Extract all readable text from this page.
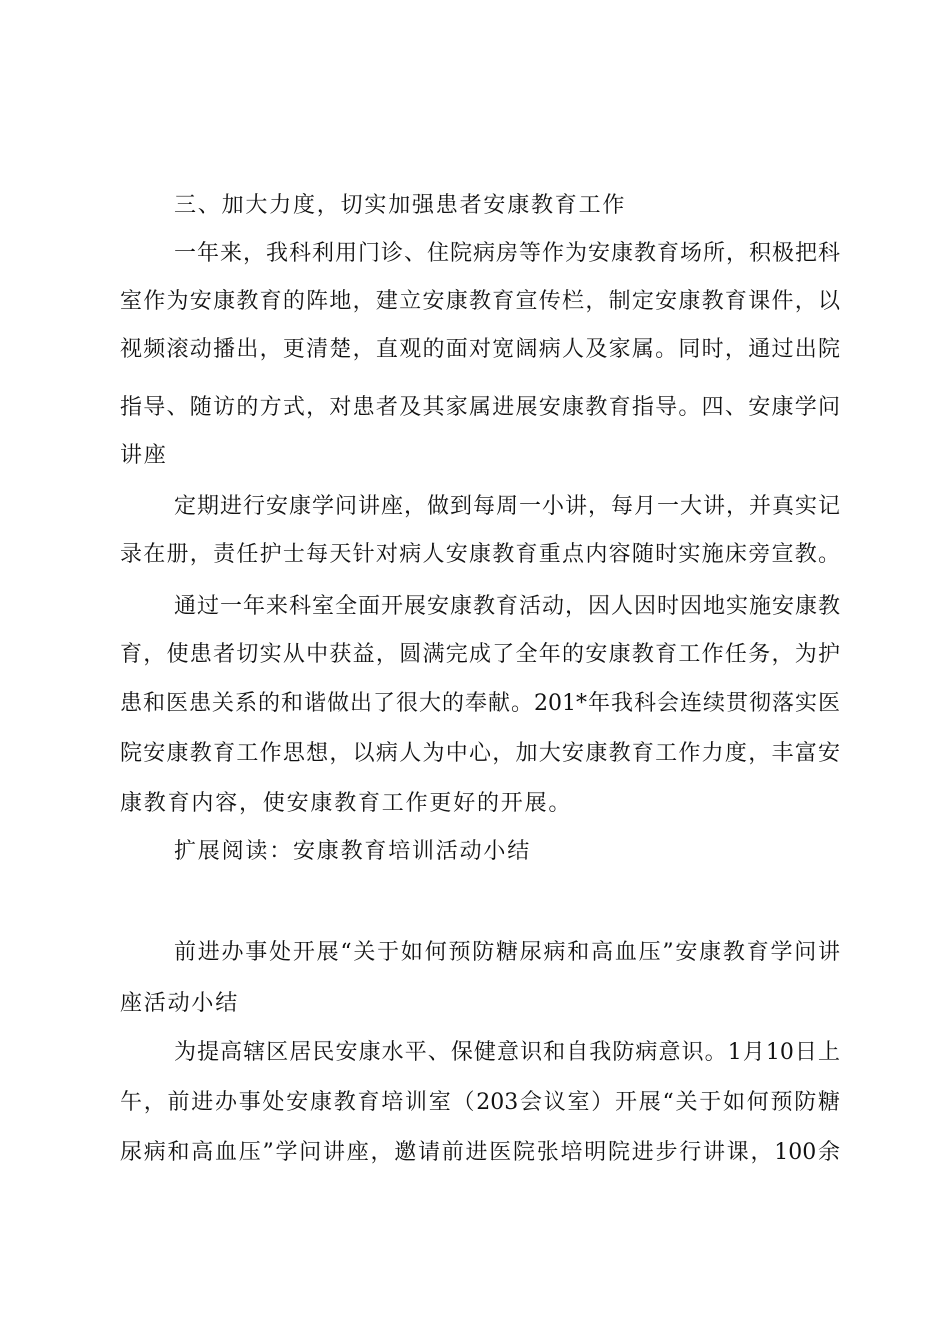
三、加大力度，切实加强患者安康教育工作
一年来，我科利用门诊、住院病房等作为安康教育场所，积极把科
室作为安康教育的阵地，建立安康教育宣传栏，制定安康教育课件，以
视频滚动播出，更清楚，直观的面对宽阔病人及家属。同时，通过出院
指导、随访的方式，对患者及其家属进展安康教育指导。四、安康学问
讲座
定期进行安康学问讲座，做到每周一小讲，每月一大讲，并真实记
录在册，责任护士每天针对病人安康教育重点内容随时实施床旁宣教。
通过一年来科室全面开展安康教育活动，因人因时因地实施安康教
育，使患者切实从中获益，圆满完成了全年的安康教育工作任务，为护
患和医患关系的和谐做出了很大的奉献。201*年我科会连续贯彻落实医
院安康教育工作思想，以病人为中心，加大安康教育工作力度，丰富安
康教育内容，使安康教育工作更好的开展。
扩展阅读：安康教育培训活动小结
前进办事处开展“关于如何预防糖尿病和高血压”安康教育学问讲
座活动小结
为提高辖区居民安康水平、保健意识和自我防病意识。1月10日上
午，前进办事处安康教育培训室（203会议室）开展“关于如何预防糖
尿病和高血压”学问讲座，邀请前进医院张培明院进步行讲课，100余
